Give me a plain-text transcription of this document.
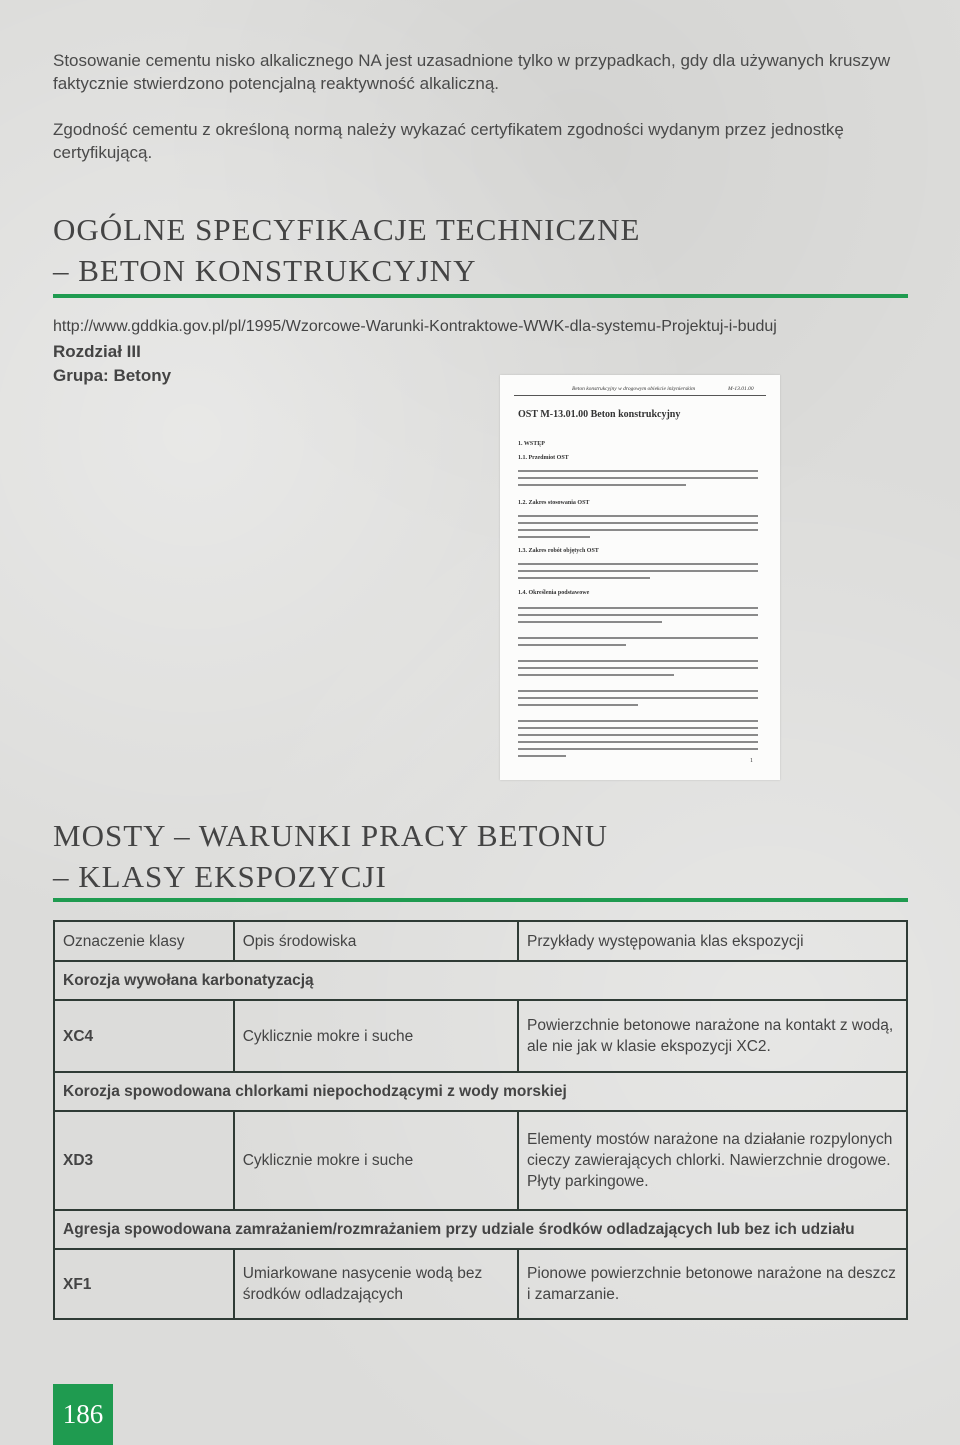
Stosowanie cementu nisko alkalicznego NA jest uzasadnione tylko w przypadkach, gdy dla używanych kruszyw faktycznie stwierdzono potencjalną reaktywność alkaliczną.

Zgodność cementu z określoną normą należy wykazać certyfikatem zgodności wydanym przez jednostkę certyfikującą.

OGÓLNE SPECYFIKACJE TECHNICZNE
– BETON KONSTRUKCYJNY
http://www.gddkia.gov.pl/pl/1995/Wzorcowe-Warunki-Kontraktowe-WWK-dla-systemu-Projektuj-i-buduj
Rozdział III
Grupa: Betony
MOSTY – WARUNKI PRACY BETONU
– KLASY EKSPOZYCJI
Oznaczenie klasy	Opis środowiska	Przykłady występowania klas ekspozycji
Korozja wywołana karbonatyzacją		
XC4	Cyklicznie mokre i suche	Powierzchnie betonowe narażone na kontakt z wodą, ale nie jak w klasie ekspozycji XC2.
Korozja spowodowana chlorkami niepochodzącymi z wody morskiej		
XD3	Cyklicznie mokre i suche	Elementy mostów narażone na działanie rozpylonych cieczy zawierających chlorki. Nawierzchnie drogowe. Płyty parkingowe.
Agresja spowodowana zamrażaniem/rozmrażaniem przy udziale środków odladzających lub bez ich udziału		
XF1	Umiarkowane nasycenie wodą bez środków odladzających	Pionowe powierzchnie betonowe narażone na deszcz i zamarzanie.
Beton konstrukcyjny w drogowym obiekcie inżynierskim	M-13.01.00
OST M-13.01.00 Beton konstrukcyjny
1. WSTĘP
1.1. Przedmiot OST
1.2. Zakres stosowania OST
1.3. Zakres robót objętych OST
1.4. Określenia podstawowe
1
186
